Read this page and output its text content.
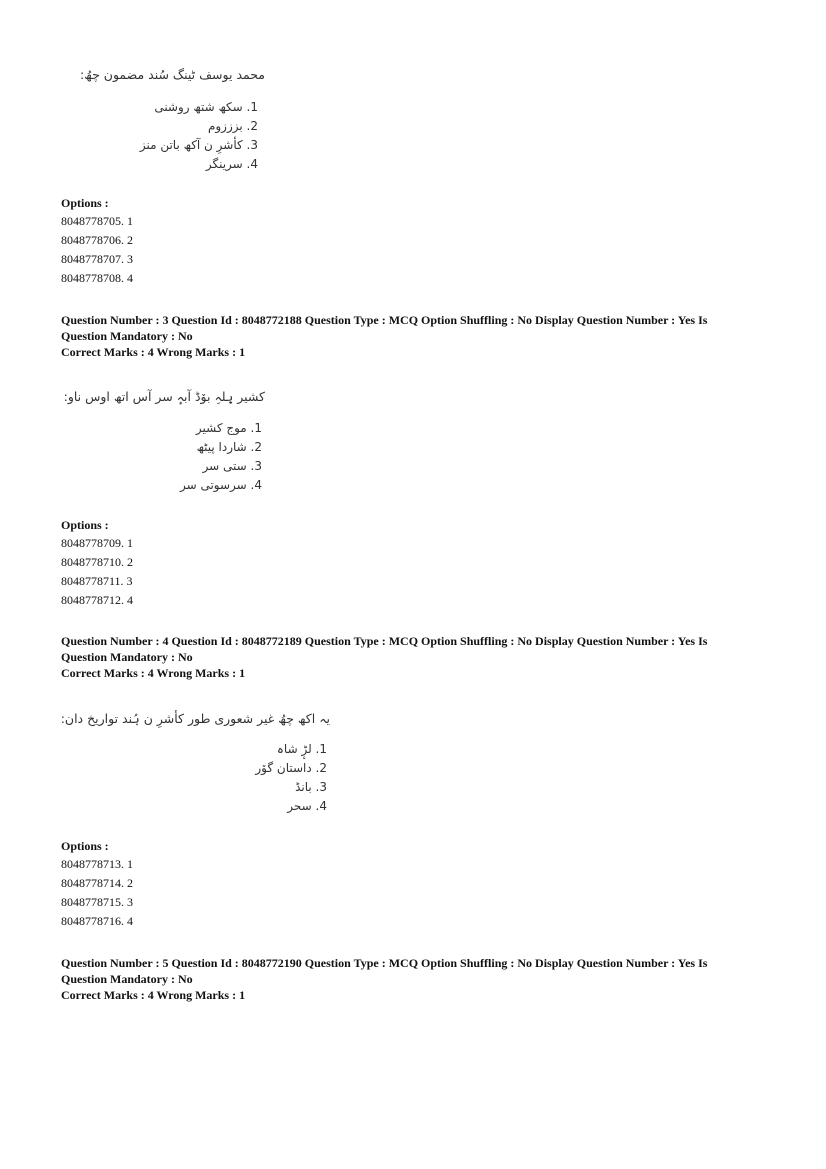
محمد یوسف ٹینگ سُند مضمون چھُ:
1. سکھ شتھ روشنی
2. بزززوم
3. کأشرِ ن آکھ باتن منز
4. سرینگر
Options :
8048778705. 1
8048778706. 2
8048778707. 3
8048778708. 4
Question Number : 3 Question Id : 8048772188 Question Type : MCQ Option Shuffling : No Display Question Number : Yes Is
Question Mandatory : No
Correct Marks : 4 Wrong Marks : 1
کشیر یٖلہِ بوٚڈ آبہٕ سر آس اتھ اوس ناو:
1. موج کشیر
2. شاردا پیٹھ
3. ستی سر
4. سرسوتی سر
Options :
8048778709. 1
8048778710. 2
8048778711. 3
8048778712. 4
Question Number : 4 Question Id : 8048772189 Question Type : MCQ Option Shuffling : No Display Question Number : Yes Is
Question Mandatory : No
Correct Marks : 4 Wrong Marks : 1
یہ اکھ چھُ غیر شعوری طور کأشرِ ن ہُند تواریخ دان:
1. لڑٕ شاہ
2. داستان گوٚر
3. بانڈ
4. سحر
Options :
8048778713. 1
8048778714. 2
8048778715. 3
8048778716. 4
Question Number : 5 Question Id : 8048772190 Question Type : MCQ Option Shuffling : No Display Question Number : Yes Is
Question Mandatory : No
Correct Marks : 4 Wrong Marks : 1
